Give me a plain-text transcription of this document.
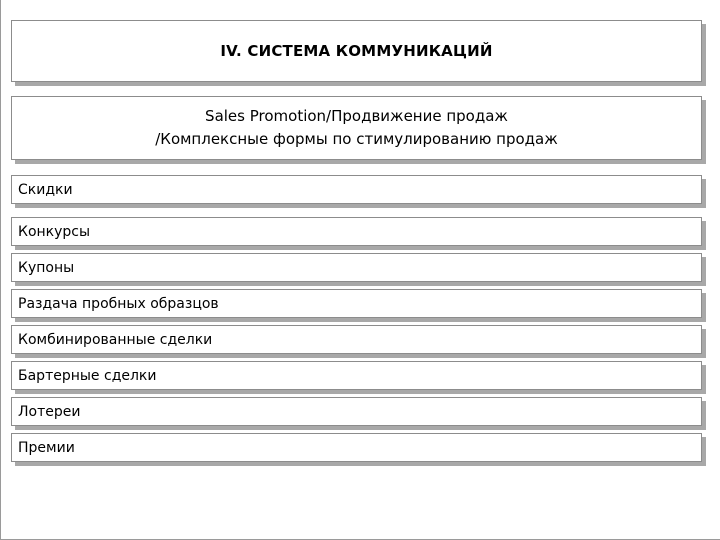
IV. СИСТЕМА КОММУНИКАЦИЙ
Sales Promotion/Продвижение продаж
/Комплексные формы по стимулированию продаж
Скидки
Конкурсы
Купоны
Раздача пробных образцов
Комбинированные сделки
Бартерные сделки
Лотереи
Премии
